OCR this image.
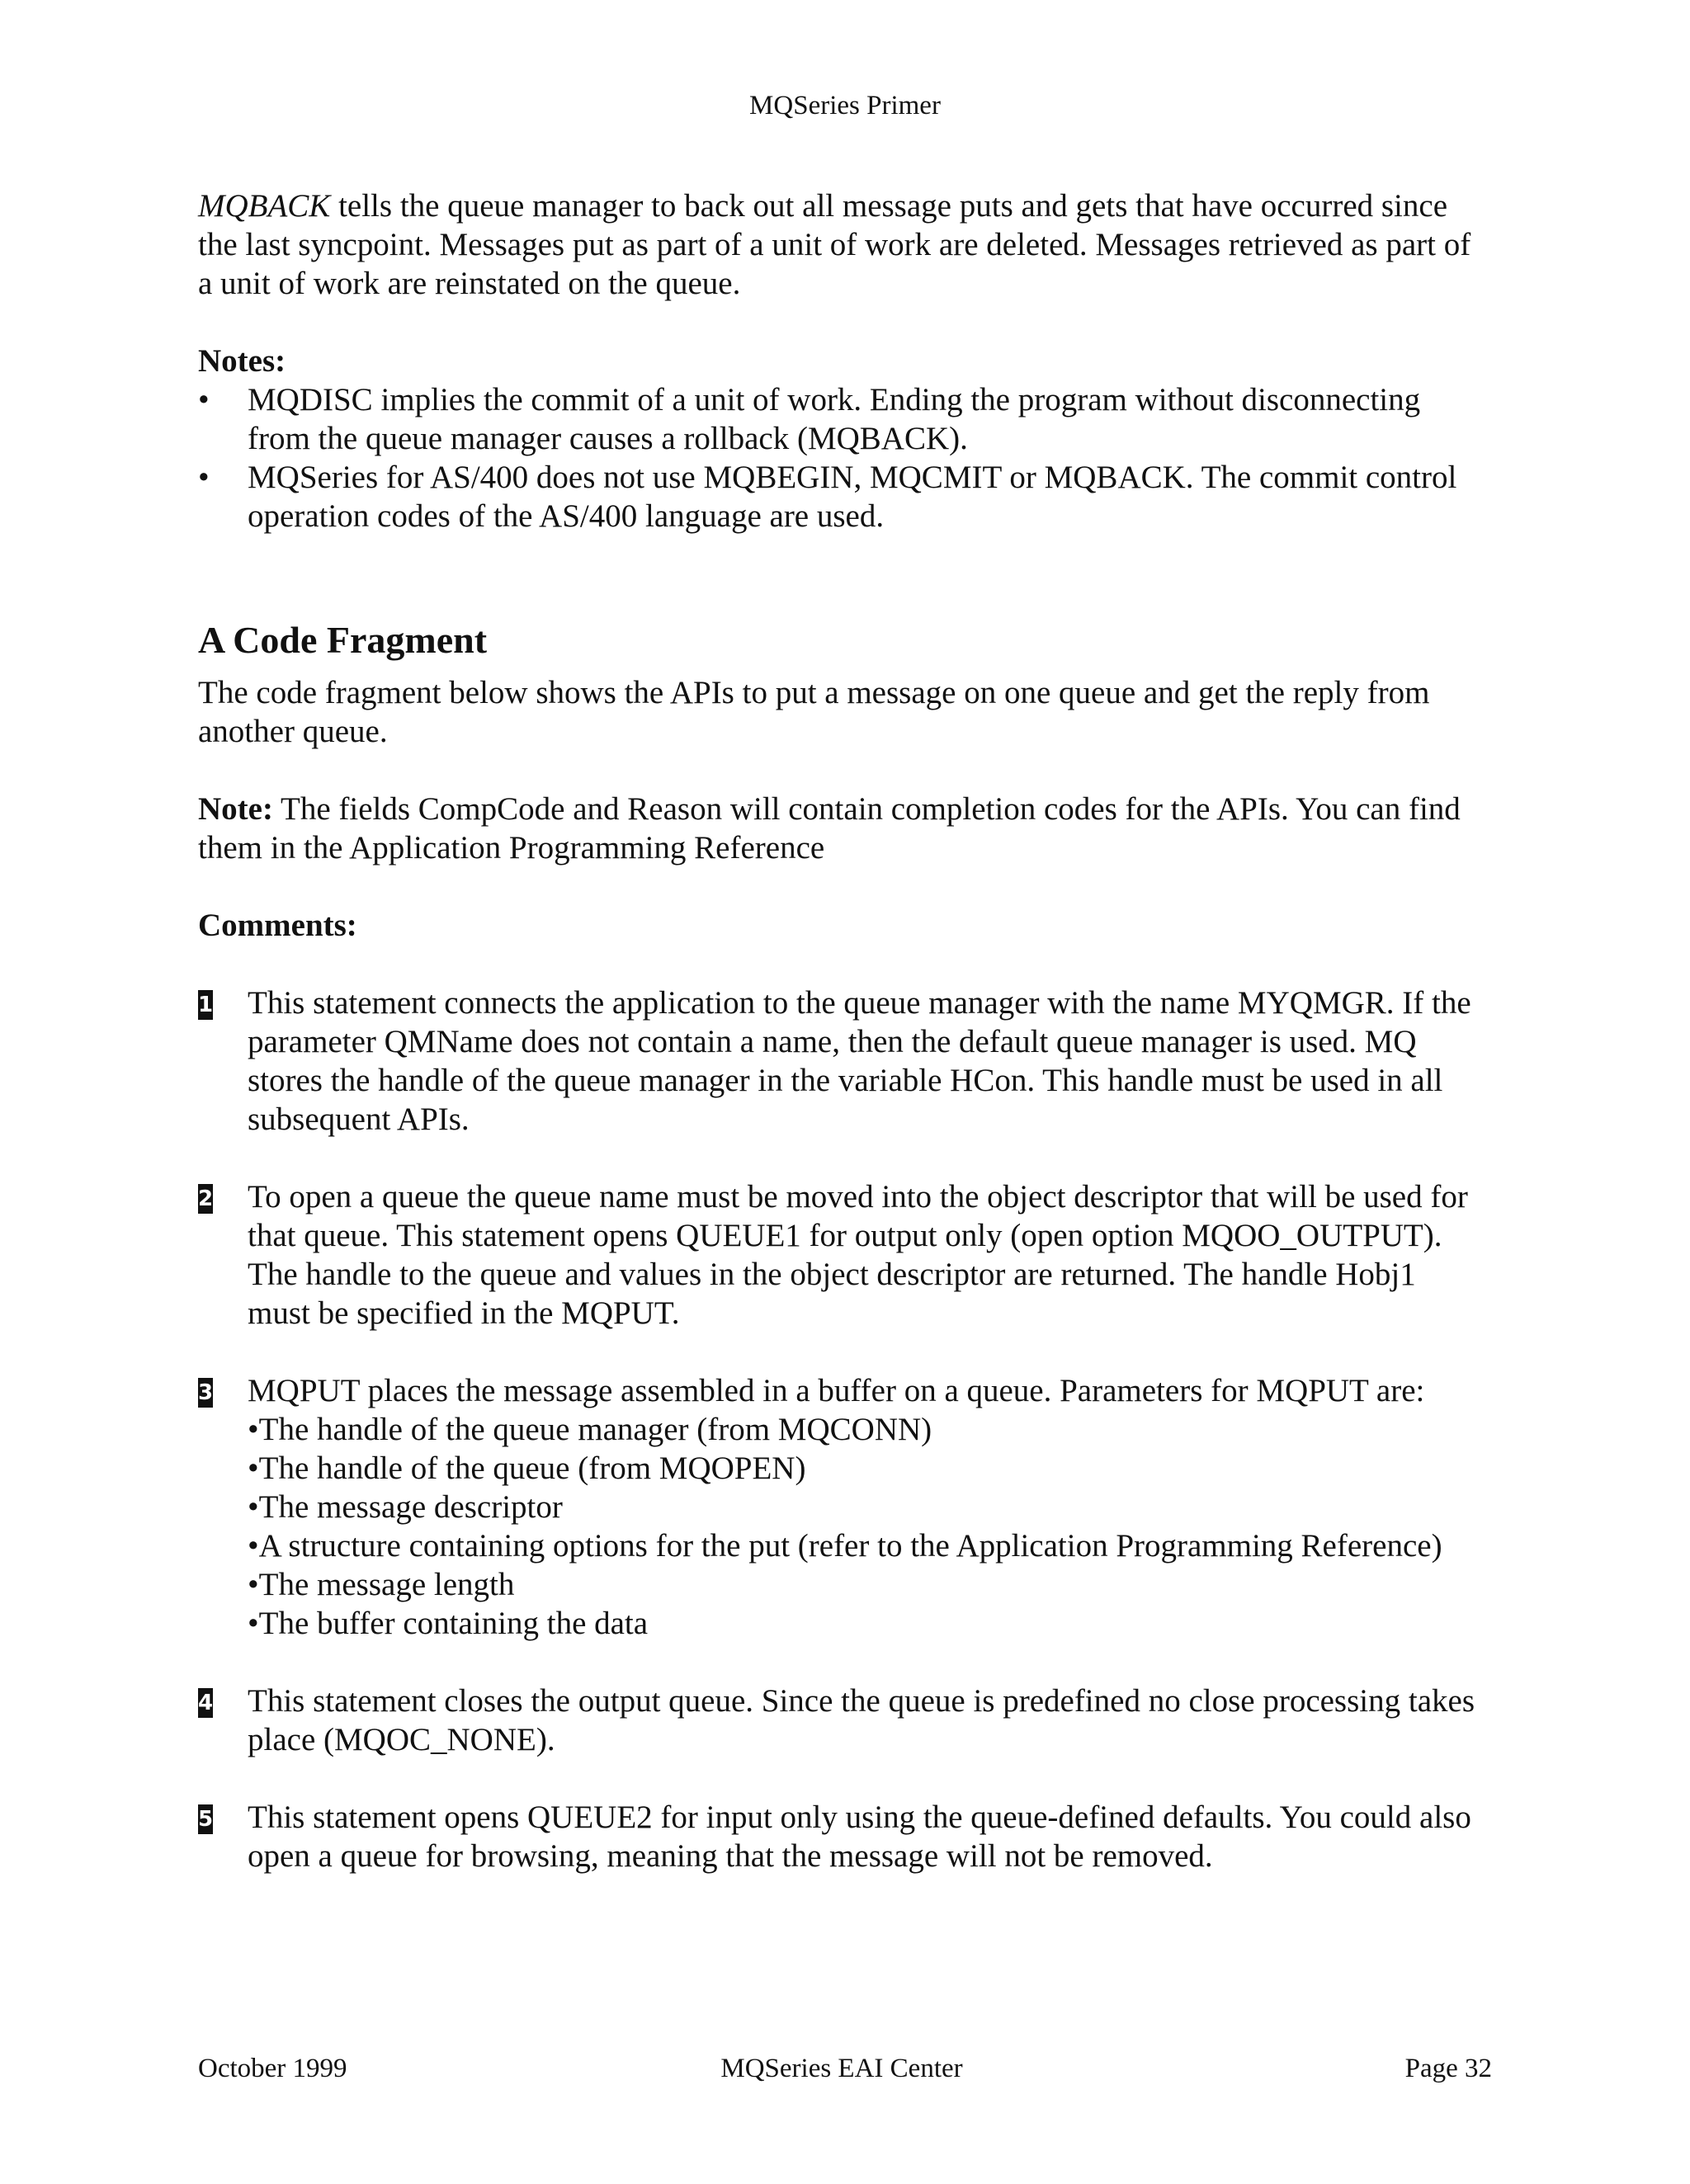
MQSeries Primer

MQBACK tells the queue manager to back out all message puts and gets that have occurred since the last syncpoint. Messages put as part of a unit of work are deleted. Messages retrieved as part of a unit of work are reinstated on the queue.

Notes:

• MQDISC implies the commit of a unit of work. Ending the program without disconnecting from the queue manager causes a rollback (MQBACK).
• MQSeries for AS/400 does not use MQBEGIN, MQCMIT or MQBACK. The commit control operation codes of the AS/400 language are used.
A Code Fragment

The code fragment below shows the APIs to put a message on one queue and get the reply from another queue.

Note: The fields CompCode and Reason will contain completion codes for the APIs. You can find them in the Application Programming Reference

Comments:

1 This statement connects the application to the queue manager with the name MYQMGR. If the parameter QMName does not contain a name, then the default queue manager is used. MQ stores the handle of the queue manager in the variable HCon. This handle must be used in all subsequent APIs.

2 To open a queue the queue name must be moved into the object descriptor that will be used for that queue. This statement opens QUEUE1 for output only (open option MQOO_OUTPUT). The handle to the queue and values in the object descriptor are returned. The handle Hobj1 must be specified in the MQPUT.

3 MQPUT places the message assembled in a buffer on a queue. Parameters for MQPUT are:

•The handle of the queue manager (from MQCONN)
•The handle of the queue (from MQOPEN)
•The message descriptor
•A structure containing options for the put (refer to the Application Programming Reference)
•The message length
•The buffer containing the data
4 This statement closes the output queue. Since the queue is predefined no close processing takes place (MQOC_NONE).

5 This statement opens QUEUE2 for input only using the queue-defined defaults. You could also open a queue for browsing, meaning that the message will not be removed.

October 1999	MQSeries EAI Center	Page 32
